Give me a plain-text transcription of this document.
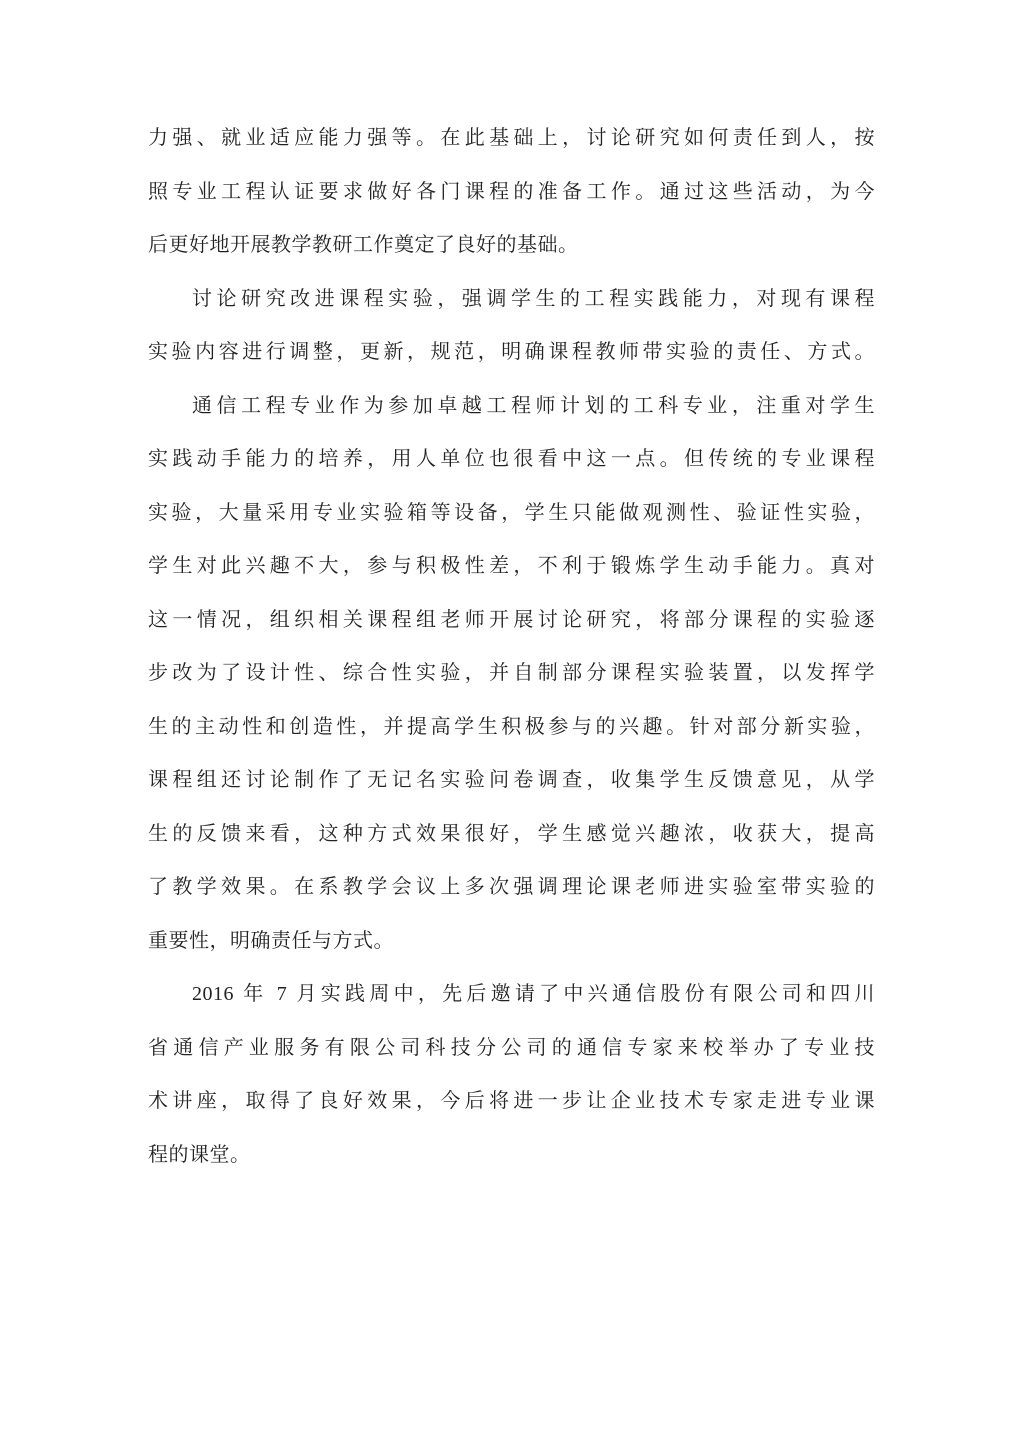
力强、就业适应能力强等。在此基础上，讨论研究如何责任到人，按
照专业工程认证要求做好各门课程的准备工作。通过这些活动，为今
后更好地开展教学教研工作奠定了良好的基础。
讨论研究改进课程实验，强调学生的工程实践能力，对现有课程
实验内容进行调整，更新，规范，明确课程教师带实验的责任、方式。
通信工程专业作为参加卓越工程师计划的工科专业，注重对学生
实践动手能力的培养，用人单位也很看中这一点。但传统的专业课程
实验，大量采用专业实验箱等设备，学生只能做观测性、验证性实验，
学生对此兴趣不大，参与积极性差，不利于锻炼学生动手能力。真对
这一情况，组织相关课程组老师开展讨论研究，将部分课程的实验逐
步改为了设计性、综合性实验，并自制部分课程实验装置，以发挥学
生的主动性和创造性，并提高学生积极参与的兴趣。针对部分新实验，
课程组还讨论制作了无记名实验问卷调查，收集学生反馈意见，从学
生的反馈来看，这种方式效果很好，学生感觉兴趣浓，收获大，提高
了教学效果。在系教学会议上多次强调理论课老师进实验室带实验的
重要性，明确责任与方式。
2016 年 7 月实践周中，先后邀请了中兴通信股份有限公司和四川
省通信产业服务有限公司科技分公司的通信专家来校举办了专业技
术讲座，取得了良好效果，今后将进一步让企业技术专家走进专业课
程的课堂。
